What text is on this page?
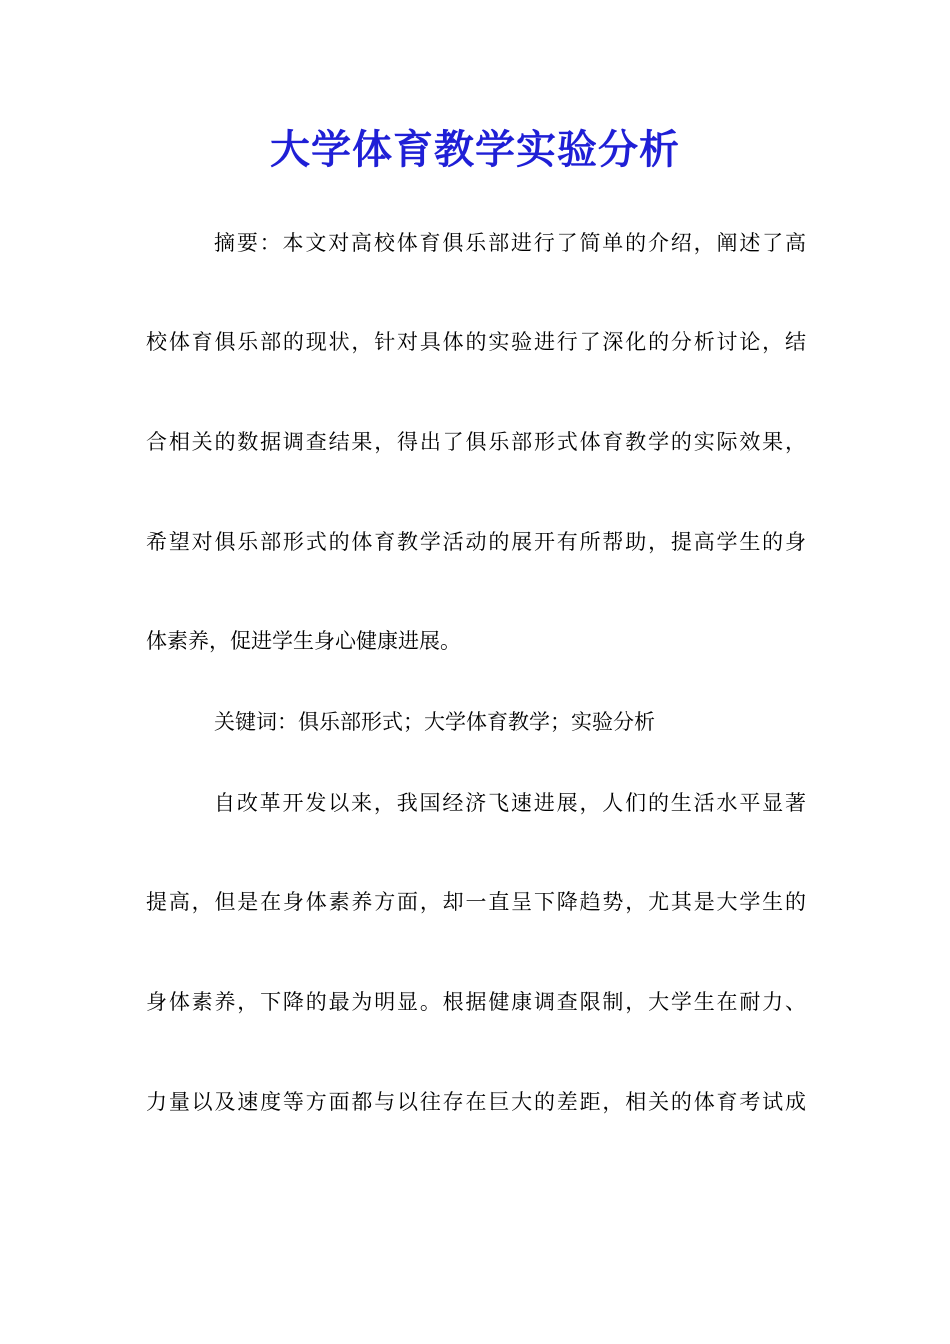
大学体育教学实验分析

摘要：本文对高校体育俱乐部进行了简单的介绍，阐述了高

校体育俱乐部的现状，针对具体的实验进行了深化的分析讨论，结

合相关的数据调查结果，得出了俱乐部形式体育教学的实际效果，

希望对俱乐部形式的体育教学活动的展开有所帮助，提高学生的身

体素养，促进学生身心健康进展。

关键词：俱乐部形式；大学体育教学；实验分析

自改革开发以来，我国经济飞速进展，人们的生活水平显著

提高，但是在身体素养方面，却一直呈下降趋势，尤其是大学生的

身体素养，下降的最为明显。根据健康调查限制，大学生在耐力、

力量以及速度等方面都与以往存在巨大的差距，相关的体育考试成
